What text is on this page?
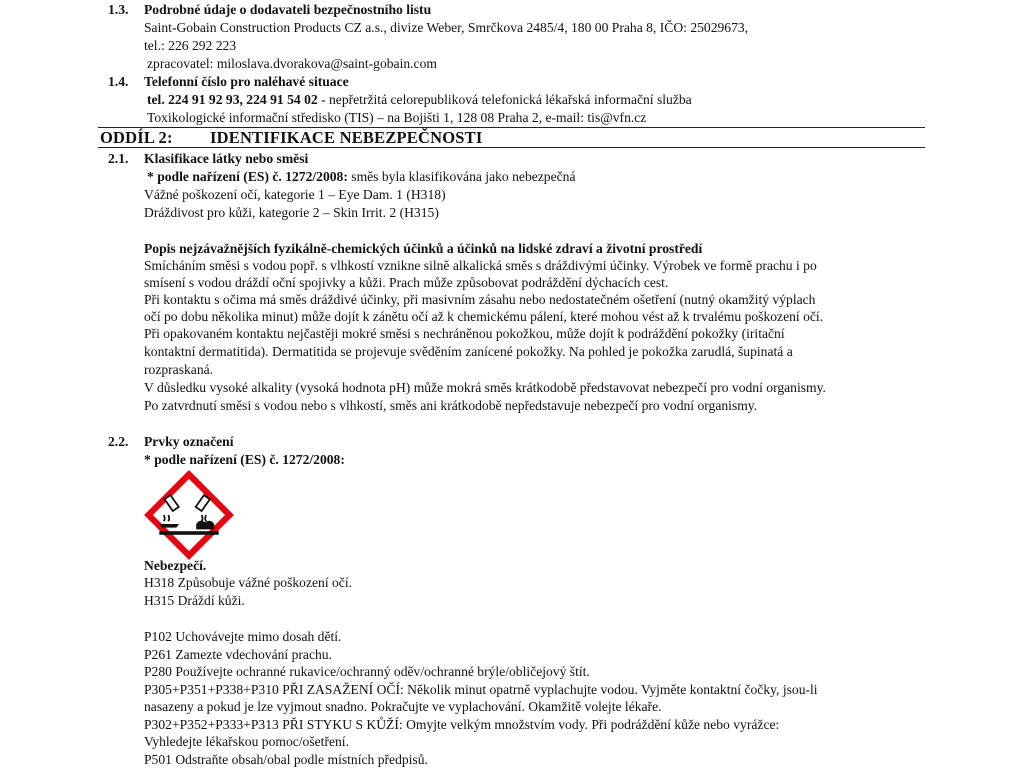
1.3. Podrobné údaje o dodavateli bezpečnostního listu
Saint-Gobain Construction Products CZ a.s., divize Weber, Smrčkova 2485/4, 180 00 Praha 8, IČO: 25029673,
tel.: 226 292 223
zpracovatel: miloslava.dvorakova@saint-gobain.com
1.4. Telefonní číslo pro naléhavé situace
tel. 224 91 92 93, 224 91 54 02 - nepřetržitá celorepubliková telefonická lékařská informační služba
Toxikologické informační středisko (TIS) – na Bojišti 1, 128 08 Praha 2, e-mail: tis@vfn.cz
ODDÍL 2: IDENTIFIKACE NEBEZPEČNOSTI
2.1. Klasifikace látky nebo směsi
* podle nařízení (ES) č. 1272/2008: směs byla klasifikována jako nebezpečná
Vážné poškození očí, kategorie 1 – Eye Dam. 1 (H318)
Dráždivost pro kůži, kategorie 2 – Skin Irrit. 2 (H315)
Popis nejzávažnějších fyzikálně-chemických účinků a účinků na lidské zdraví a životní prostředí
Smícháním směsi s vodou popř. s vlhkostí vznikne silně alkalická směs s dráždivými účinky. Výrobek ve formě prachu i po
smísení s vodou dráždí oční spojivky a kůži. Prach může způsobovat podráždění dýchacích cest.
Při kontaktu s očima má směs dráždivé účinky, při masivním zásahu nebo nedostatečném ošetření (nutný okamžitý výplach
očí po dobu několika minut) může dojít k zánětu očí až k chemickému pálení, které mohou vést až k trvalému poškození očí.
Při opakovaném kontaktu nejčastěji mokré směsi s nechráněnou pokožkou, může dojít k podráždění pokožky (iritační
kontaktní dermatitida). Dermatitida se projevuje svěděním zanícené pokožky. Na pohled je pokožka zarudlá, šupinatá a
rozpraskaná.
V důsledku vysoké alkality (vysoká hodnota pH) může mokrá směs krátkodobě představovat nebezpečí pro vodní organismy.
Po zatvrdnutí směsi s vodou nebo s vlhkostí, směs ani krátkodobě nepředstavuje nebezpečí pro vodní organismy.
2.2. Prvky označení
* podle nařízení (ES) č. 1272/2008:
Nebezpečí.
H318 Způsobuje vážné poškození očí.
H315 Dráždí kůži.
P102 Uchovávejte mimo dosah dětí.
P261 Zamezte vdechování prachu.
P280 Používejte ochranné rukavice/ochranný oděv/ochranné brýle/obličejový štít.
P305+P351+P338+P310 PŘI ZASAŽENÍ OČÍ: Několik minut opatrně vyplachujte vodou. Vyjměte kontaktní čočky, jsou-li
nasazeny a pokud je lze vyjmout snadno. Pokračujte ve vyplachování. Okamžitě volejte lékaře.
P302+P352+P333+P313 PŘI STYKU S KŮŽÍ: Omyjte velkým množstvím vody. Při podráždění kůže nebo vyrážce:
Vyhledejte lékařskou pomoc/ošetření.
P501 Odstraňte obsah/obal podle místních předpisů.
